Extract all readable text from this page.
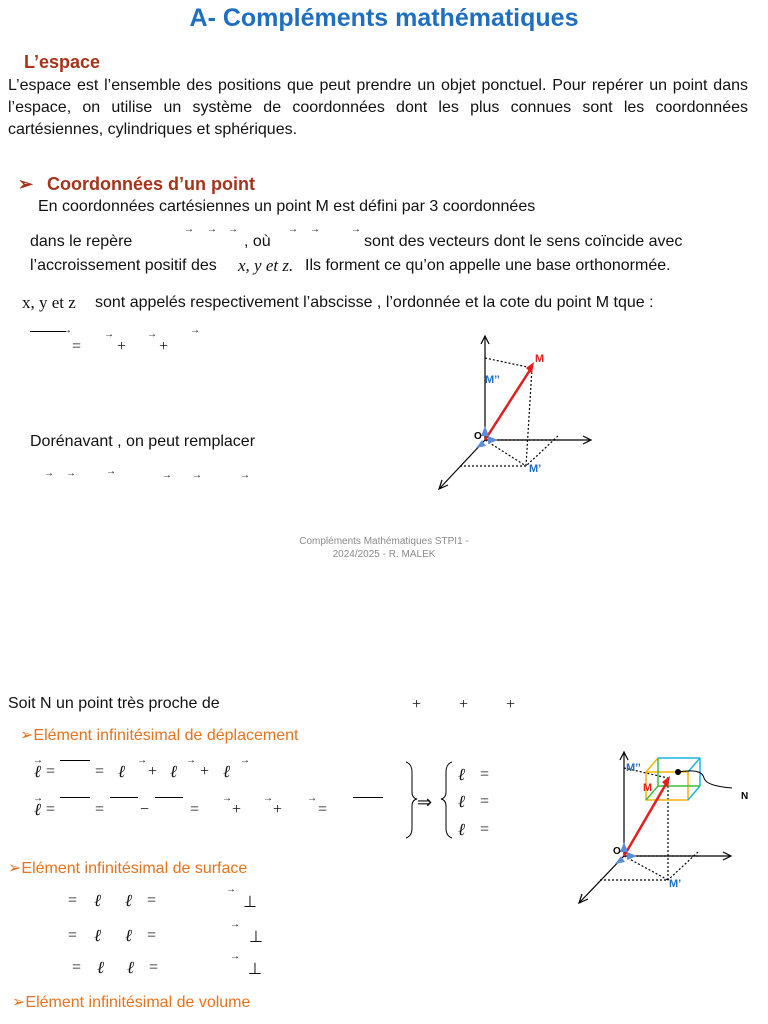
A- Compléments mathématiques
L’espace
L’espace est l’ensemble des positions que peut prendre un objet ponctuel. Pour repérer un point dans l’espace, on utilise un système de coordonnées dont les plus connues sont les coordonnées cartésiennes, cylindriques et sphériques.
➢ Coordonnées d’un point
En coordonnées cartésiennes un point M est défini par 3 coordonnées
dans le repère
→ → →
, où
→ →	→
sont des vecteurs dont le sens coïncide avec
l’accroissement positif des x, y et z. Ils forment ce qu’on appelle une base orthonormée.
x, y et z sont appelés respectivement l’abscisse , l’ordonnée et la cote du point M tque :
→
=
→
+
→
+
→
Dorénavant , on peut remplacer
→ →	→	→ →	→
M
M’’
M’
O
Compléments Mathématiques STPI1 -
2024/2025 - R. MALEK
Soit N un point très proche de	+ + +
➢Elément infinitésimal de déplacement
ℓ
→
= = ℓ
→
+ ℓ
→
+ ℓ
→
ℓ
→
= = −	=
→
+
→
+
→
=	⇒
ℓ =
ℓ =
ℓ =
➢Elément infinitésimal de surface
= ℓ ℓ =
→
⊥
= ℓ ℓ =
→
⊥
= ℓ ℓ =
→
⊥
➢Elément infinitésimal de volume
M
M’’
M’
O
N
